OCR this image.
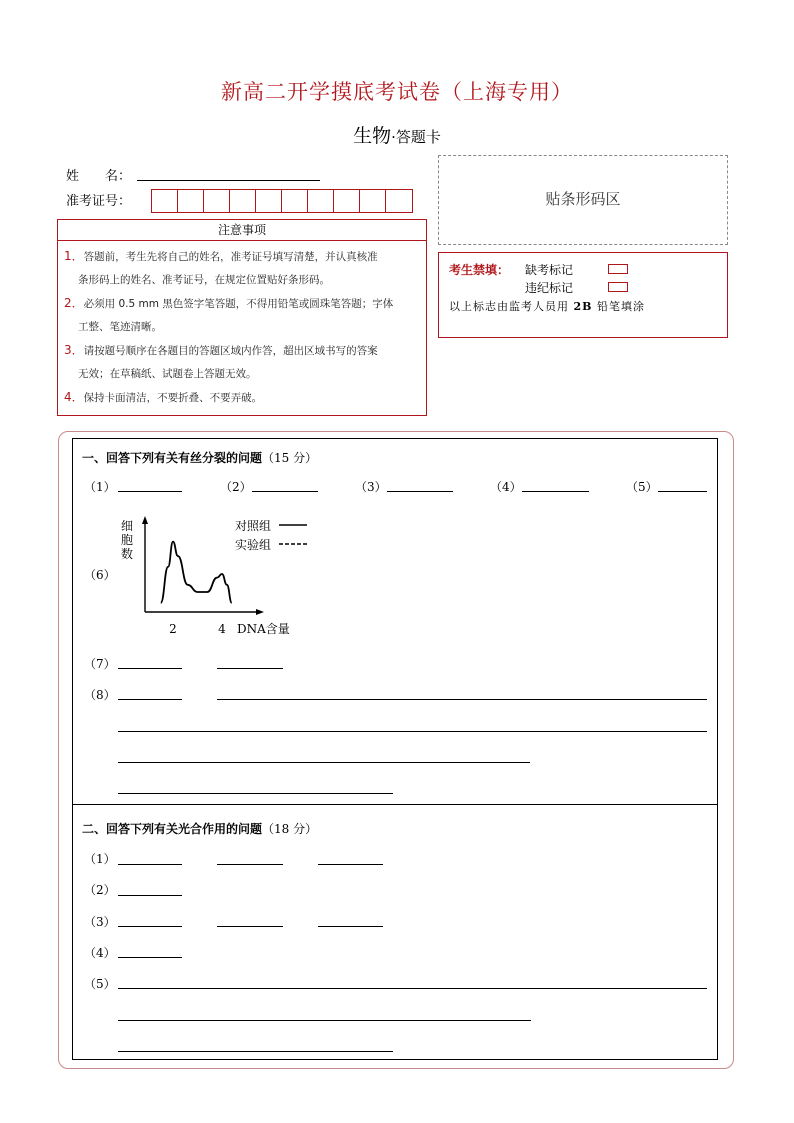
新高二开学摸底考试卷（上海专用）
生物·答题卡
姓　　名：
准考证号：	贴条形码区
注意事项

1．答题前，考生先将自己的姓名，准考证号填写清楚，并认真核准

条形码上的姓名、准考证号，在规定位置贴好条形码。

2．必须用 0.5 mm 黑色签字笔答题，不得用铅笔或圆珠笔答题；字体

工整、笔迹清晰。

3．请按题号顺序在各题目的答题区域内作答，超出区域书写的答案

无效；在草稿纸、试题卷上答题无效。

4．保持卡面清洁，不要折叠、不要弄破。

考生禁填： 缺考标记
违纪标记
以上标志由监考人员用 2B 铅笔填涂
一、回答下列有关有丝分裂的问题（15 分）
（1）	（2）	（3）	（4）	（5）
（6）
细
胞
数
2	4 DNA含量
对照组
实验组
（7）
（8）
二、回答下列有关光合作用的问题（18 分）
（1）
（2）
（3）
（4）
（5）
